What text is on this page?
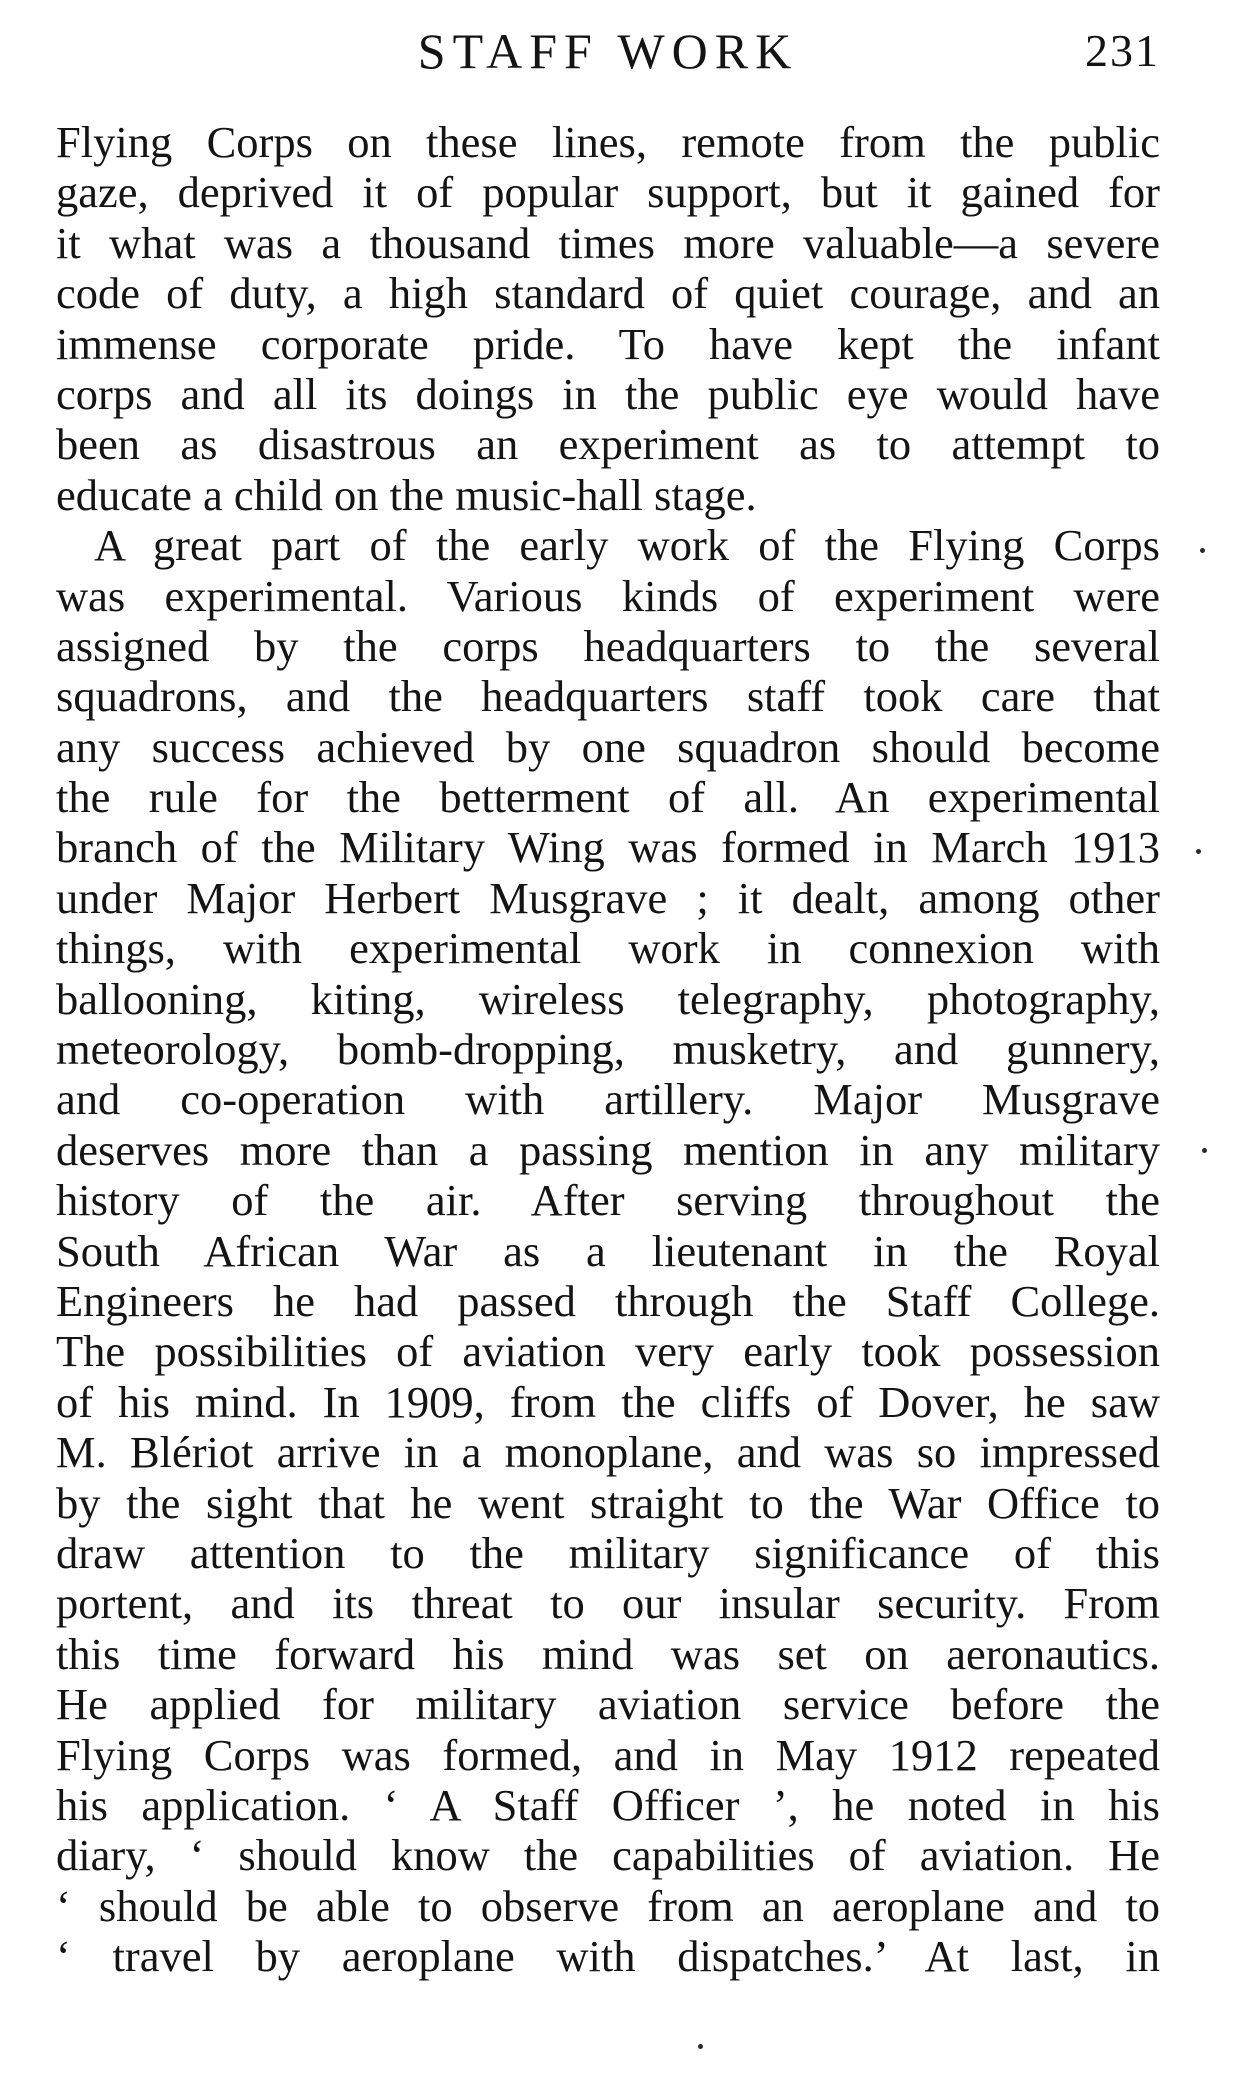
STAFF WORK	231
Flying Corps on these lines, remote from the public
gaze, deprived it of popular support, but it gained for
it what was a thousand times more valuable—a severe
code of duty, a high standard of quiet courage, and an
immense corporate pride. To have kept the infant
corps and all its doings in the public eye would have
been as disastrous an experiment as to attempt to
educate a child on the music-hall stage.
A great part of the early work of the Flying Corps
was experimental. Various kinds of experiment were
assigned by the corps headquarters to the several
squadrons, and the headquarters staff took care that
any success achieved by one squadron should become
the rule for the betterment of all. An experimental
branch of the Military Wing was formed in March 1913
under Major Herbert Musgrave ; it dealt, among other
things, with experimental work in connexion with
ballooning, kiting, wireless telegraphy, photography,
meteorology, bomb-dropping, musketry, and gunnery,
and co-operation with artillery. Major Musgrave
deserves more than a passing mention in any military
history of the air. After serving throughout the
South African War as a lieutenant in the Royal
Engineers he had passed through the Staff College.
The possibilities of aviation very early took possession
of his mind. In 1909, from the cliffs of Dover, he saw
M. Blériot arrive in a monoplane, and was so impressed
by the sight that he went straight to the War Office to
draw attention to the military significance of this
portent, and its threat to our insular security. From
this time forward his mind was set on aeronautics.
He applied for military aviation service before the
Flying Corps was formed, and in May 1912 repeated
his application. ‘ A Staff Officer ’, he noted in his
diary, ‘ should know the capabilities of aviation. He
‘ should be able to observe from an aeroplane and to
‘ travel by aeroplane with dispatches.’ At last, in
